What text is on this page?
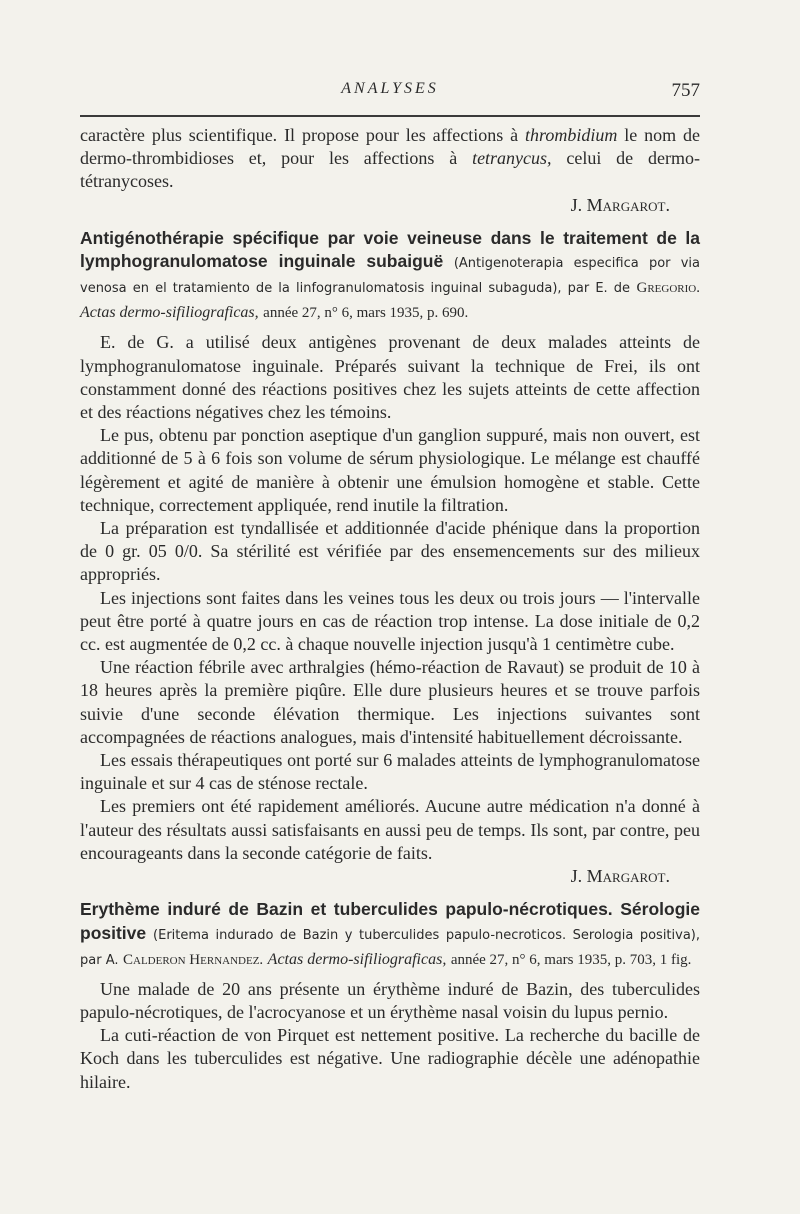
ANALYSES	757

caractère plus scientifique. Il propose pour les affections à thrombidium le nom de dermo-thrombidioses et, pour les affections à tetranycus, celui de dermo-tétranycoses.
J. Margarot.

Antigénothérapie spécifique par voie veineuse dans le traitement de la lymphogranulomatose inguinale subaiguë (Antigenoterapia especifica por via venosa en el tratamiento de la linfogranulomatosis inguinal subaguda), par E. de Gregorio. Actas dermo-sifiliograficas, année 27, n° 6, mars 1935, p. 690.

E. de G. a utilisé deux antigènes provenant de deux malades atteints de lymphogranulomatose inguinale. Préparés suivant la technique de Frei, ils ont constamment donné des réactions positives chez les sujets atteints de cette affection et des réactions négatives chez les témoins.

Le pus, obtenu par ponction aseptique d'un ganglion suppuré, mais non ouvert, est additionné de 5 à 6 fois son volume de sérum physiologique. Le mélange est chauffé légèrement et agité de manière à obtenir une émulsion homogène et stable. Cette technique, correctement appliquée, rend inutile la filtration.

La préparation est tyndallisée et additionnée d'acide phénique dans la proportion de 0 gr. 05 0/0. Sa stérilité est vérifiée par des ensemencements sur des milieux appropriés.

Les injections sont faites dans les veines tous les deux ou trois jours — l'intervalle peut être porté à quatre jours en cas de réaction trop intense. La dose initiale de 0,2 cc. est augmentée de 0,2 cc. à chaque nouvelle injection jusqu'à 1 centimètre cube.

Une réaction fébrile avec arthralgies (hémo-réaction de Ravaut) se produit de 10 à 18 heures après la première piqûre. Elle dure plusieurs heures et se trouve parfois suivie d'une seconde élévation thermique. Les injections suivantes sont accompagnées de réactions analogues, mais d'intensité habituellement décroissante.

Les essais thérapeutiques ont porté sur 6 malades atteints de lymphogranulomatose inguinale et sur 4 cas de sténose rectale.

Les premiers ont été rapidement améliorés. Aucune autre médication n'a donné à l'auteur des résultats aussi satisfaisants en aussi peu de temps. Ils sont, par contre, peu encourageants dans la seconde catégorie de faits.
J. Margarot.

Erythème induré de Bazin et tuberculides papulo-nécrotiques. Sérologie positive (Eritema indurado de Bazin y tuberculides papulo-necroticos. Serologia positiva), par A. Calderon Hernandez. Actas dermo-sifiliograficas, année 27, n° 6, mars 1935, p. 703, 1 fig.

Une malade de 20 ans présente un érythème induré de Bazin, des tuberculides papulo-nécrotiques, de l'acrocyanose et un érythème nasal voisin du lupus pernio.

La cuti-réaction de von Pirquet est nettement positive. La recherche du bacille de Koch dans les tuberculides est négative. Une radiographie décèle une adénopathie hilaire.
